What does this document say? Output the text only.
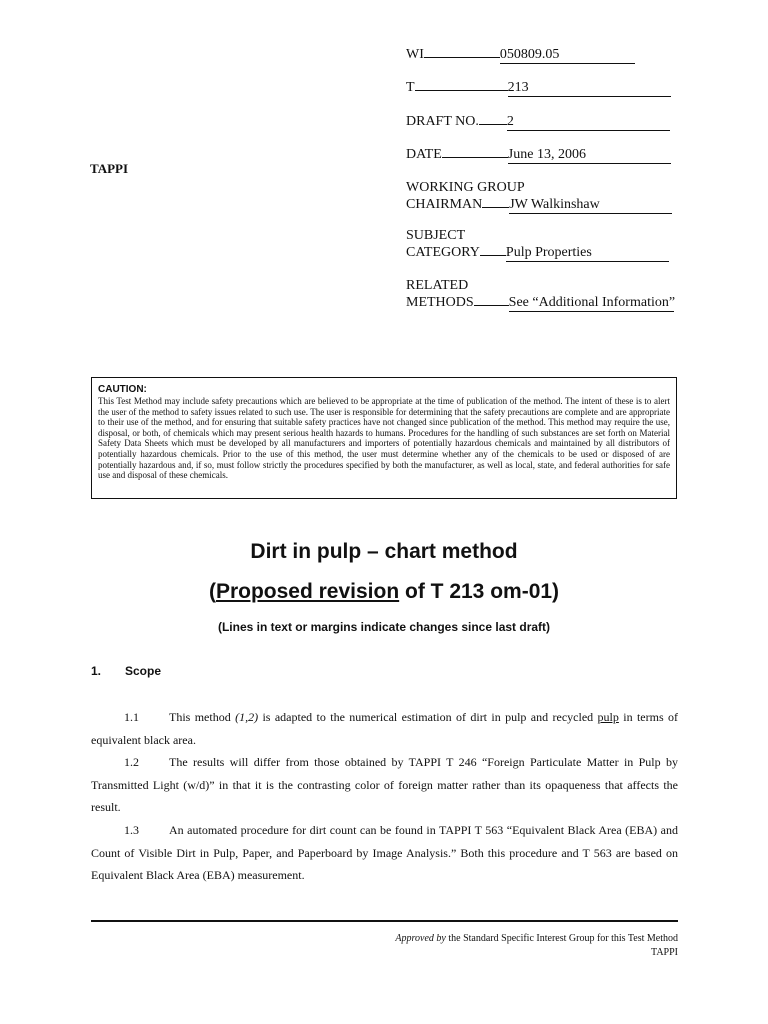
WI	050809.05
T	213
DRAFT NO. 2
DATE	June 13, 2006
WORKING GROUP
CHAIRMAN JW Walkinshaw
SUBJECT
CATEGORY Pulp Properties
RELATED
METHODS	See “Additional Information”
TAPPI
CAUTION:
This Test Method may include safety precautions which are believed to be appropriate at the time of publication of the method. The intent of these is to alert the user of the method to safety issues related to such use. The user is responsible for determining that the safety precautions are complete and are appropriate to their use of the method, and for ensuring that suitable safety practices have not changed since publication of the method. This method may require the use, disposal, or both, of chemicals which may present serious health hazards to humans. Procedures for the handling of such substances are set forth on Material Safety Data Sheets which must be developed by all manufacturers and importers of potentially hazardous chemicals and maintained by all distributors of potentially hazardous chemicals. Prior to the use of this method, the user must determine whether any of the chemicals to be used or disposed of are potentially hazardous and, if so, must follow strictly the procedures specified by both the manufacturer, as well as local, state, and federal authorities for safe use and disposal of these chemicals.
Dirt in pulp – chart method
(Proposed revision of T 213 om-01)
(Lines in text or margins indicate changes since last draft)
1. Scope

1.1	This method (1,2) is adapted to the numerical estimation of dirt in pulp and recycled pulp in terms of equivalent black area.

1.2	The results will differ from those obtained by TAPPI T 246 “Foreign Particulate Matter in Pulp by Transmitted Light (w/d)” in that it is the contrasting color of foreign matter rather than its opaqueness that affects the result.

1.3	An automated procedure for dirt count can be found in TAPPI T 563 “Equivalent Black Area (EBA) and Count of Visible Dirt in Pulp, Paper, and Paperboard by Image Analysis.” Both this procedure and T 563 are based on Equivalent Black Area (EBA) measurement.

Approved by the Standard Specific Interest Group for this Test Method
TAPPI
